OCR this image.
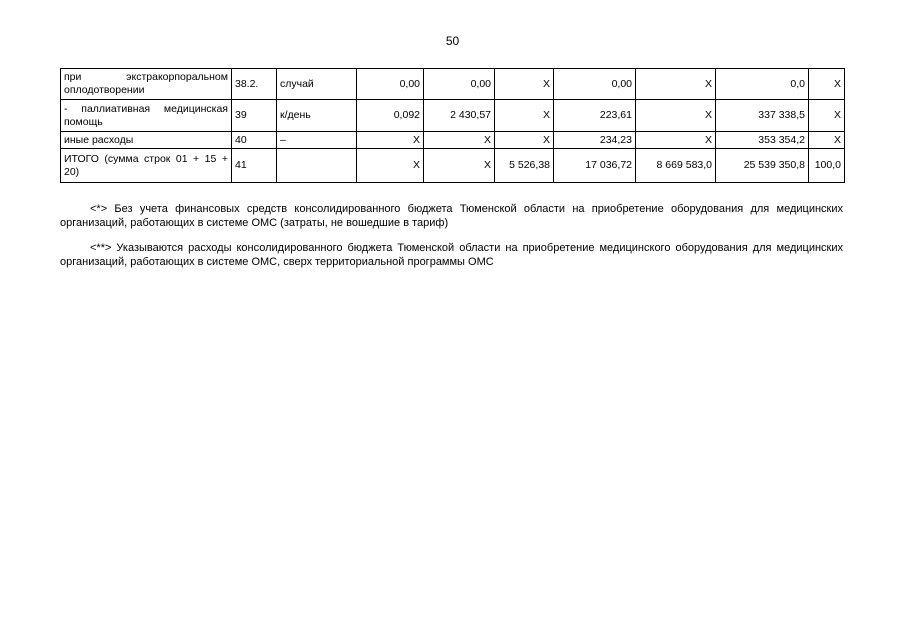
50
при экстракорпоральном оплодотворении	38.2.	случай	0,00	0,00	Х	0,00	Х	0,0	Х
- паллиативная медицинская помощь	39	к/день	0,092	2 430,57	Х	223,61	Х	337 338,5	Х
иные расходы	40	–	Х	Х	Х	234,23	Х	353 354,2	Х
ИТОГО (сумма строк 01 + 15 + 20)	41		Х	Х	5 526,38	17 036,72	8 669 583,0	25 539 350,8	100,0
<*> Без учета финансовых средств консолидированного бюджета Тюменской области на приобретение оборудования для медицинских организаций, работающих в системе ОМС (затраты, не вошедшие в тариф)
<**> Указываются расходы консолидированного бюджета Тюменской области на приобретение медицинского оборудования для медицинских организаций, работающих в системе ОМС, сверх территориальной программы ОМС
